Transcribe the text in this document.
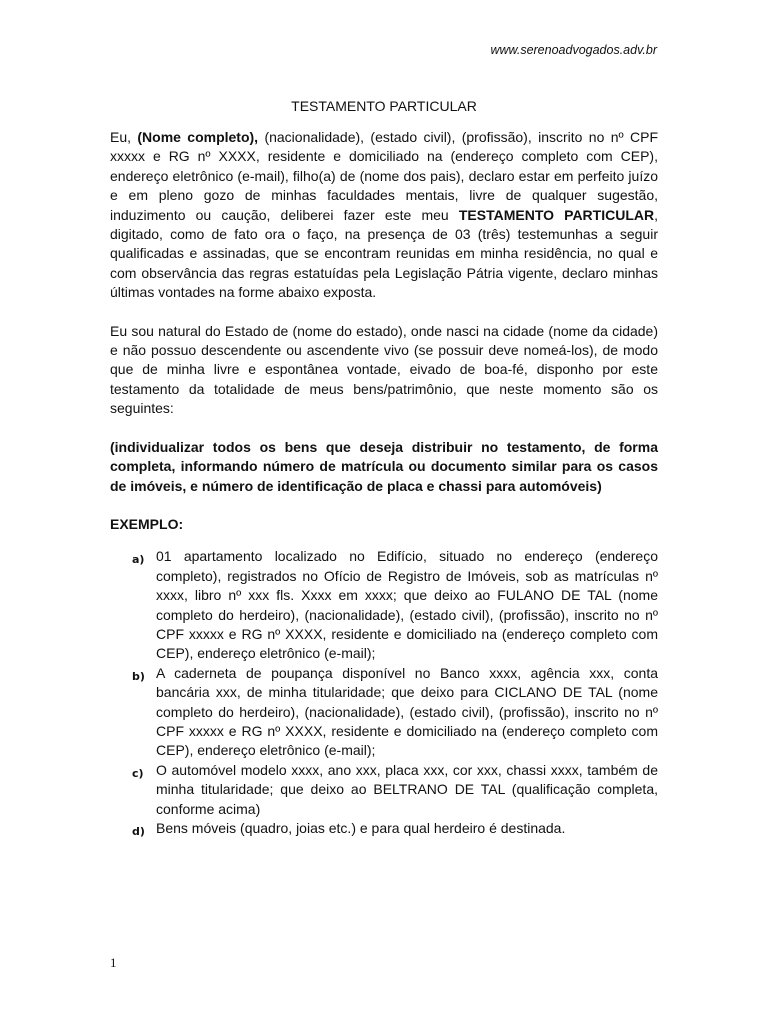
www.serenoadvogados.adv.br
TESTAMENTO PARTICULAR

Eu, (Nome completo), (nacionalidade), (estado civil), (profissão), inscrito no nº CPF xxxxx e RG nº XXXX, residente e domiciliado na (endereço completo com CEP), endereço eletrônico (e-mail), filho(a) de (nome dos pais), declaro estar em perfeito juízo e em pleno gozo de minhas faculdades mentais, livre de qualquer sugestão, induzimento ou caução, deliberei fazer este meu TESTAMENTO PARTICULAR, digitado, como de fato ora o faço, na presença de 03 (três) testemunhas a seguir qualificadas e assinadas, que se encontram reunidas em minha residência, no qual e com observância das regras estatuídas pela Legislação Pátria vigente, declaro minhas últimas vontades na forme abaixo exposta.

Eu sou natural do Estado de (nome do estado), onde nasci na cidade (nome da cidade) e não possuo descendente ou ascendente vivo (se possuir deve nomeá-los), de modo que de minha livre e espontânea vontade, eivado de boa-fé, disponho por este testamento da totalidade de meus bens/patrimônio, que neste momento são os seguintes:

(individualizar todos os bens que deseja distribuir no testamento, de forma completa, informando número de matrícula ou documento similar para os casos de imóveis, e número de identificação de placa e chassi para automóveis)

EXEMPLO:

a) 01 apartamento localizado no Edifício, situado no endereço (endereço completo), registrados no Ofício de Registro de Imóveis, sob as matrículas nº xxxx, libro nº xxx fls. Xxxx em xxxx; que deixo ao FULANO DE TAL (nome completo do herdeiro), (nacionalidade), (estado civil), (profissão), inscrito no nº CPF xxxxx e RG nº XXXX, residente e domiciliado na (endereço completo com CEP), endereço eletrônico (e-mail);
b) A caderneta de poupança disponível no Banco xxxx, agência xxx, conta bancária xxx, de minha titularidade; que deixo para CICLANO DE TAL (nome completo do herdeiro), (nacionalidade), (estado civil), (profissão), inscrito no nº CPF xxxxx e RG nº XXXX, residente e domiciliado na (endereço completo com CEP), endereço eletrônico (e-mail);
c) O automóvel modelo xxxx, ano xxx, placa xxx, cor xxx, chassi xxxx, também de minha titularidade; que deixo ao BELTRANO DE TAL (qualificação completa, conforme acima)
d) Bens móveis (quadro, joias etc.) e para qual herdeiro é destinada.
1
